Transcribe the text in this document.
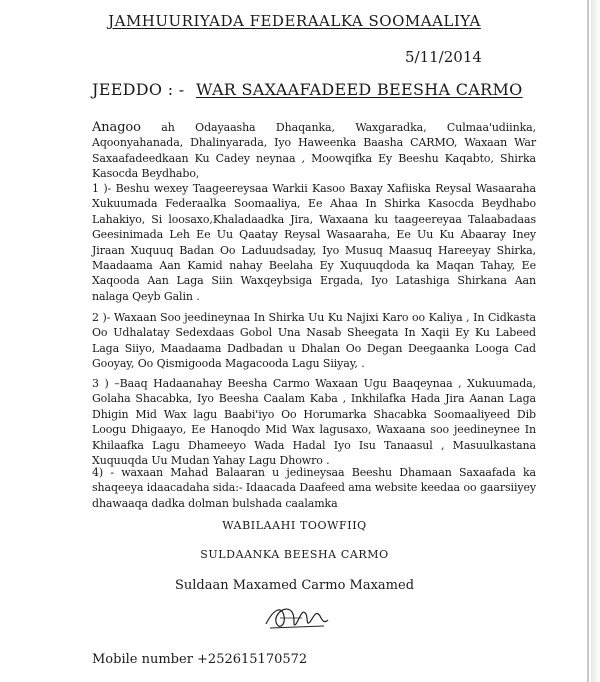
JAMHUURIYADA FEDERAALKA SOOMAALIYA
5/11/2014
JEEDDO : - WAR SAXAAFADEED BEESHA CARMO
Anagoo ah Odayaasha Dhaqanka, Waxgaradka, Culmaa'udiinka, Aqoonyahanada, Dhalinyarada, Iyo Haweenka Baasha CARMO, Waxaan War Saxaafadeedkaan Ku Cadey neynaa , Moowqifka Ey Beeshu Kaqabto, Shirka Kasocda Beydhabo,
1 )- Beshu wexey Taageereysaa Warkii Kasoo Baxay Xafiiska Reysal Wasaaraha Xukuumada Federaalka Soomaaliya, Ee Ahaa In Shirka Kasocda Beydhabo Lahakiyo, Si loosaxo,Khaladaadka Jira, Waxaana ku taageereyaa Talaabadaas Geesinimada Leh Ee Uu Qaatay Reysal Wasaaraha, Ee Uu Ku Abaaray Iney Jiraan Xuquuq Badan Oo Laduudsaday, Iyo Musuq Maasuq Hareeyay Shirka, Maadaama Aan Kamid nahay Beelaha Ey Xuquuqdoda ka Maqan Tahay, Ee Xaqooda Aan Laga Siin Waxqeybsiga Ergada, Iyo Latashiga Shirkana Aan nalaga Qeyb Galin .
2 )- Waxaan Soo jeedineynaa In Shirka Uu Ku Najixi Karo oo Kaliya , In Cidkasta Oo Udhalatay Sedexdaas Gobol Una Nasab Sheegata In Xaqii Ey Ku Labeed Laga Siiyo, Maadaama Dadbadan u Dhalan Oo Degan Deegaanka Looga Cad Gooyay, Oo Qismigooda Magacooda Lagu Siiyay, .
3 ) –Baaq Hadaanahay Beesha Carmo Waxaan Ugu Baaqeynaa , Xukuumada, Golaha Shacabka, Iyo Beesha Caalam Kaba , Inkhilafka Hada Jira Aanan Laga Dhigin Mid Wax lagu Baabi'iyo Oo Horumarka Shacabka Soomaaliyeed Dib Loogu Dhigaayo, Ee Hanoqdo Mid Wax lagusaxo, Waxaana soo jeedineynee In Khilaafka Lagu Dhameeyo Wada Hadal Iyo Isu Tanaasul , Masuulkastana Xuquuqda Uu Mudan Yahay Lagu Dhowro .
4) - waxaan Mahad Balaaran u jedineysaa Beeshu Dhamaan Saxaafada ka shaqeeya idaacadaha sida:- Idaacada Daafeed ama website keedaa oo gaarsiiyey dhawaaqa dadka dolman bulshada caalamka
WABILAAHI TOOWFIIQ
SULDAANKA BEESHA CARMO
Suldaan Maxamed Carmo Maxamed
Mobile number +252615170572
